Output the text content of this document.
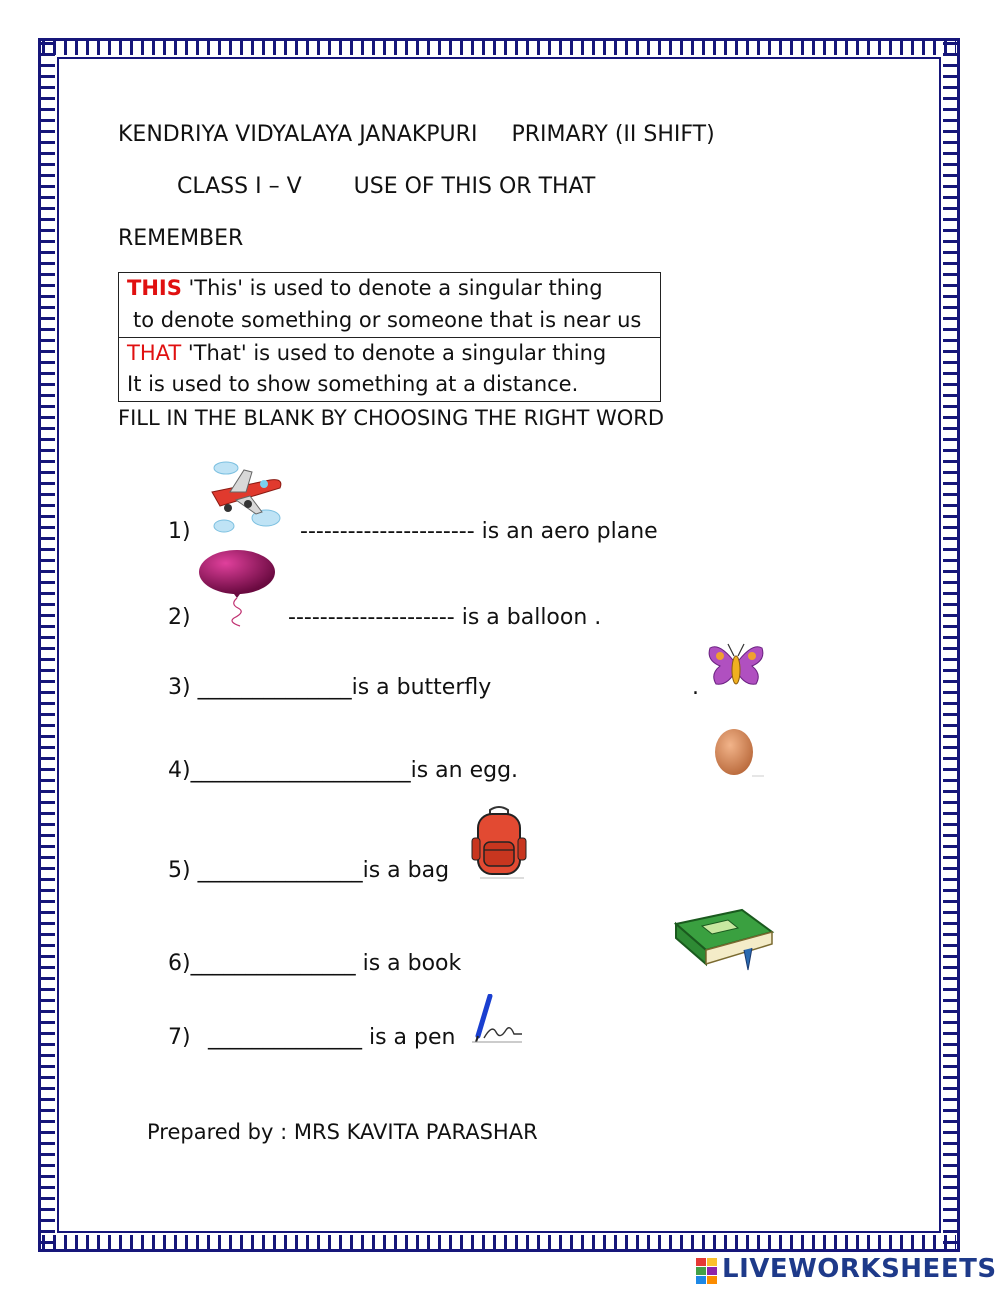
KENDRIYA VIDYALAYA JANAKPURI PRIMARY (II SHIFT)
CLASS I – V USE OF THIS OR THAT
REMEMBER
THIS 'This' is used to denote a singular thing
to denote something or someone that is near us
THAT 'That' is used to denote a singular thing
It is used to show something at a distance.
FILL IN THE BLANK BY CHOOSING THE RIGHT WORD
1)	---------------------- is an aero plane
2)	--------------------- is a balloon .
3) ______________is a butterfly	.
4)____________________is an egg.
5) _______________is a bag
6)_______________ is a book
7) ______________ is a pen
Prepared by : MRS KAVITA PARASHAR
LIVEWORKSHEETS
